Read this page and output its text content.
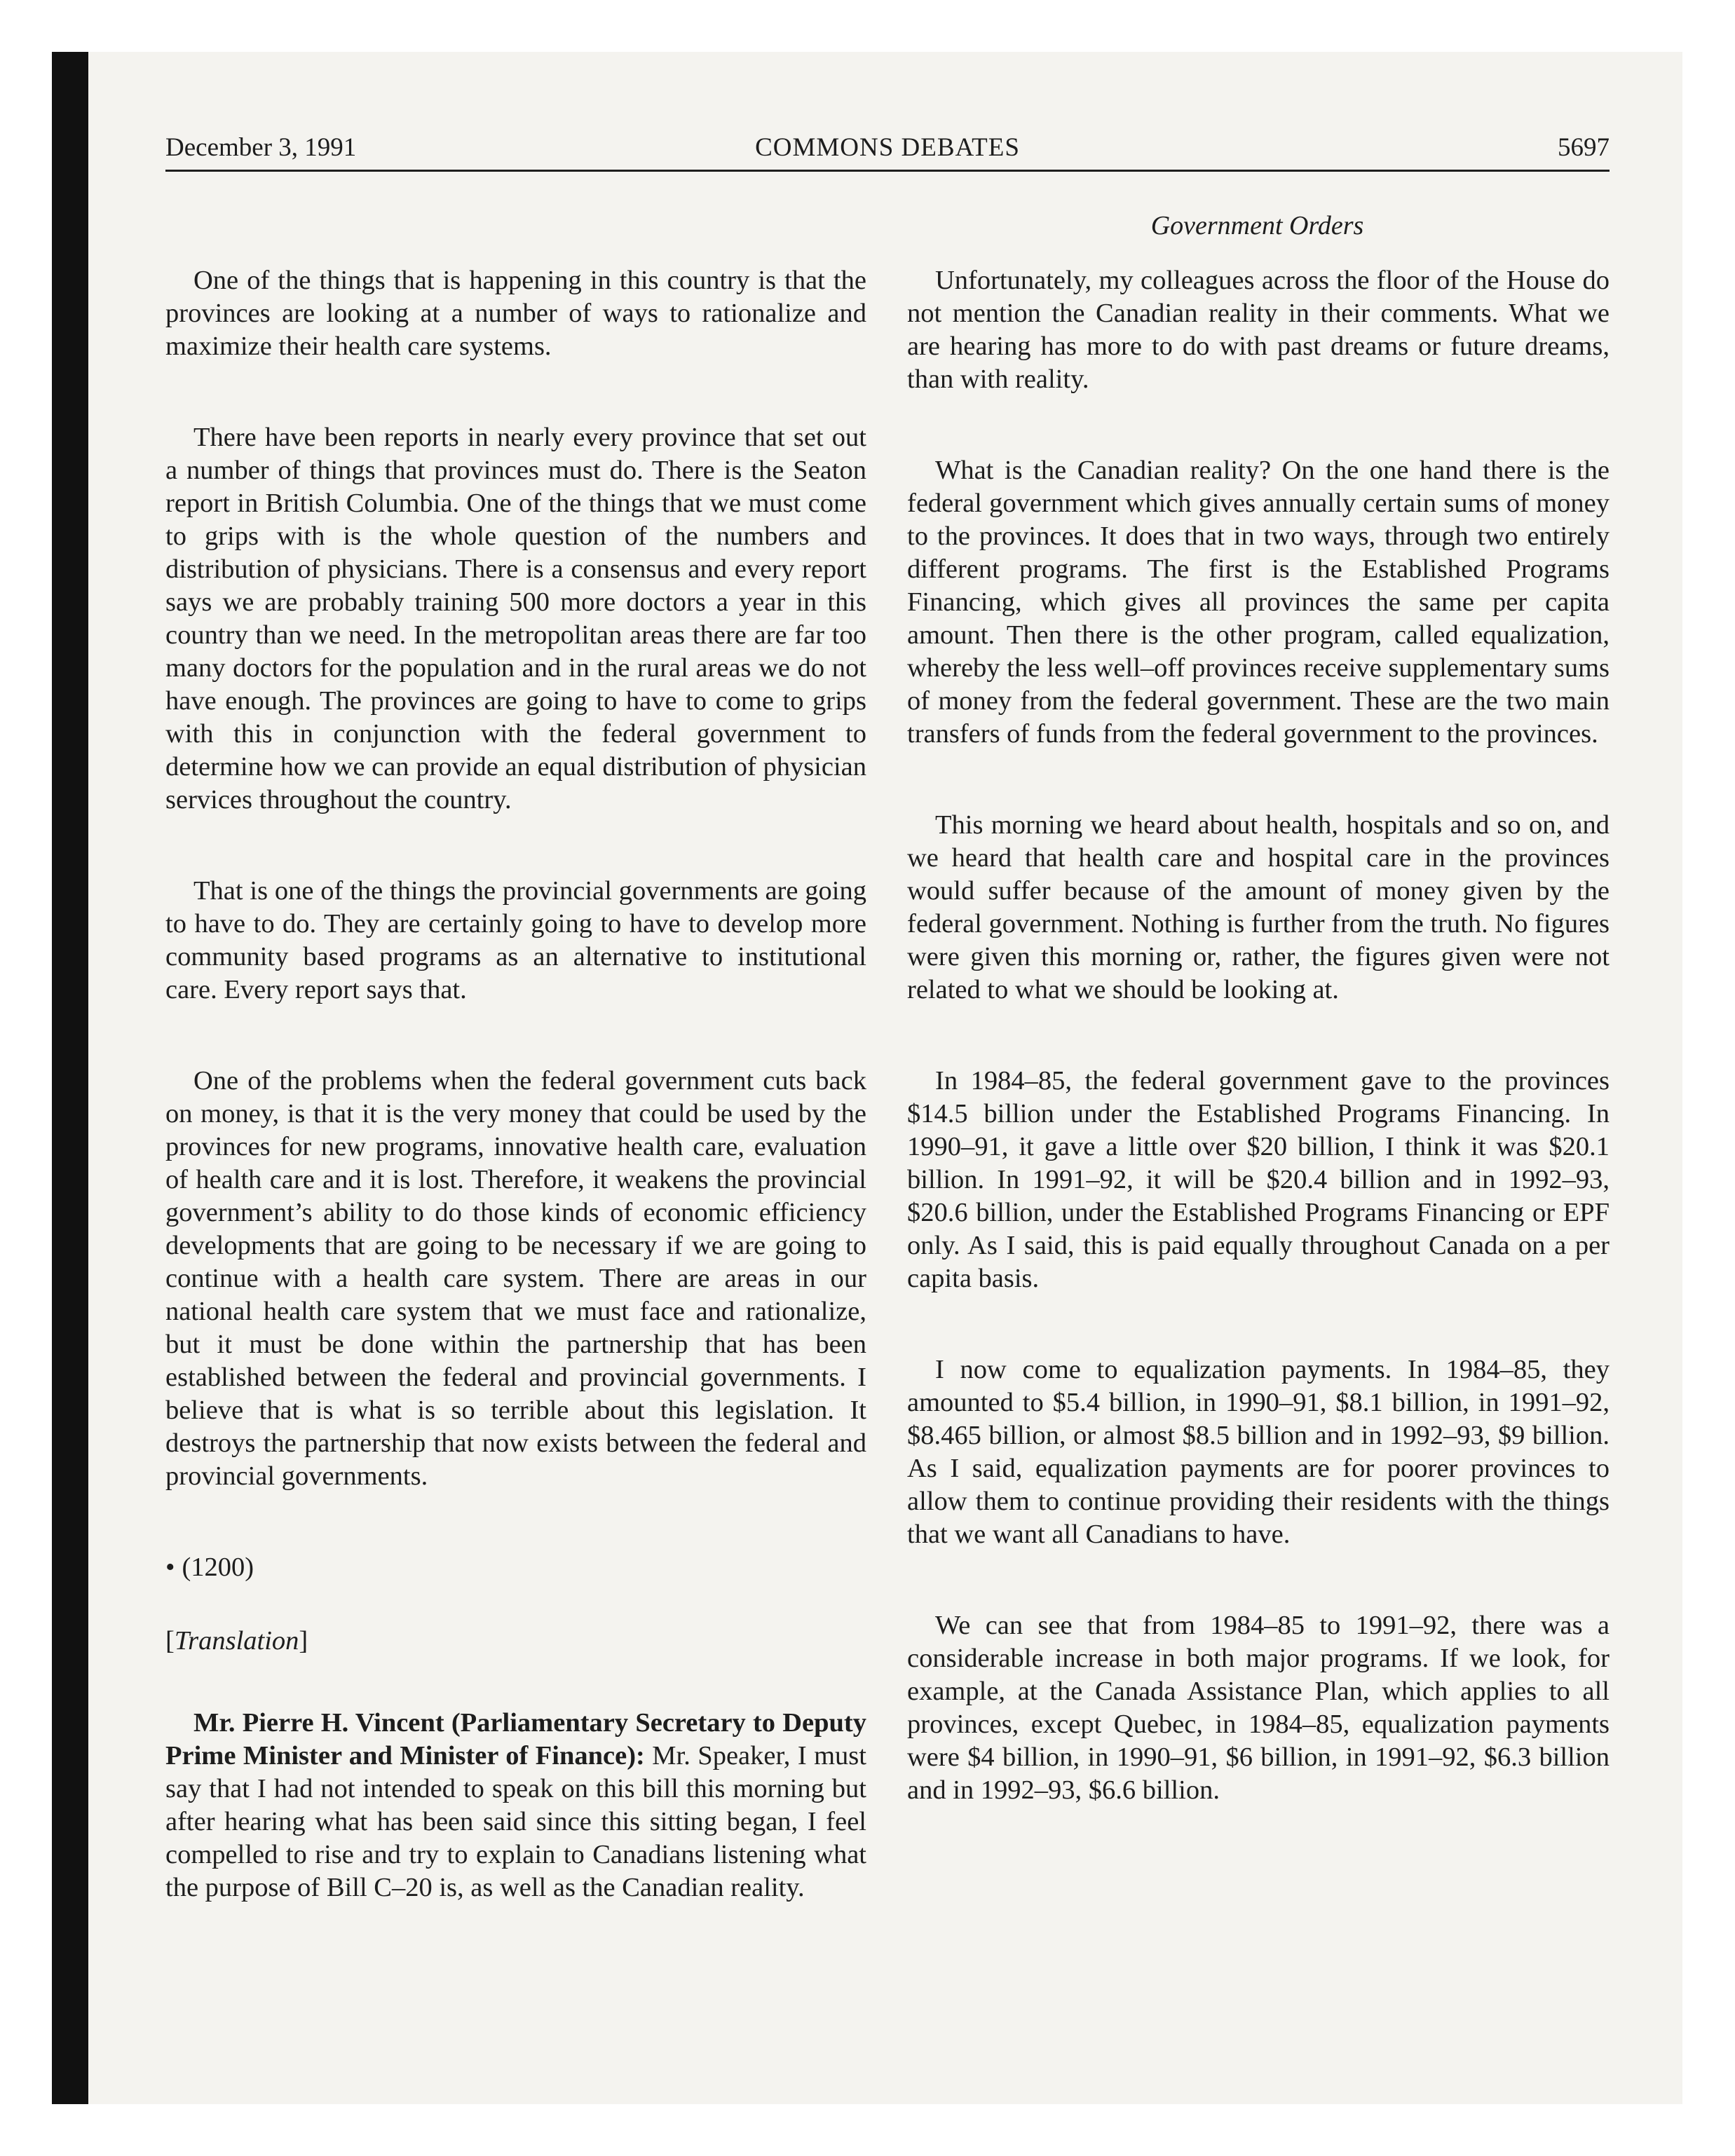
December 3, 1991	COMMONS DEBATES	5697
Government Orders

One of the things that is happening in this country is that the provinces are looking at a number of ways to rationalize and maximize their health care systems.

There have been reports in nearly every province that set out a number of things that provinces must do. There is the Seaton report in British Columbia. One of the things that we must come to grips with is the whole question of the numbers and distribution of physicians. There is a consensus and every report says we are probably training 500 more doctors a year in this country than we need. In the metropolitan areas there are far too many doctors for the population and in the rural areas we do not have enough. The provinces are going to have to come to grips with this in conjunction with the federal government to determine how we can provide an equal distribution of physician services throughout the country.

That is one of the things the provincial governments are going to have to do. They are certainly going to have to develop more community based programs as an alternative to institutional care. Every report says that.

One of the problems when the federal government cuts back on money, is that it is the very money that could be used by the provinces for new programs, innovative health care, evaluation of health care and it is lost. Therefore, it weakens the provincial government’s ability to do those kinds of economic efficiency developments that are going to be necessary if we are going to continue with a health care system. There are areas in our national health care system that we must face and rationalize, but it must be done within the partnership that has been established between the federal and provincial governments. I believe that is what is so terrible about this legislation. It destroys the partnership that now exists between the federal and provincial governments.

• (1200)

[Translation]

Mr. Pierre H. Vincent (Parliamentary Secretary to Deputy Prime Minister and Minister of Finance): Mr. Speaker, I must say that I had not intended to speak on this bill this morning but after hearing what has been said since this sitting began, I feel compelled to rise and try to explain to Canadians listening what the purpose of Bill C–20 is, as well as the Canadian reality.

Unfortunately, my colleagues across the floor of the House do not mention the Canadian reality in their comments. What we are hearing has more to do with past dreams or future dreams, than with reality.

What is the Canadian reality? On the one hand there is the federal government which gives annually certain sums of money to the provinces. It does that in two ways, through two entirely different programs. The first is the Established Programs Financing, which gives all provinces the same per capita amount. Then there is the other program, called equalization, whereby the less well–off provinces receive supplementary sums of money from the federal government. These are the two main transfers of funds from the federal government to the provinces.

This morning we heard about health, hospitals and so on, and we heard that health care and hospital care in the provinces would suffer because of the amount of money given by the federal government. Nothing is further from the truth. No figures were given this morning or, rather, the figures given were not related to what we should be looking at.

In 1984–85, the federal government gave to the provinces $14.5 billion under the Established Programs Financing. In 1990–91, it gave a little over $20 billion, I think it was $20.1 billion. In 1991–92, it will be $20.4 billion and in 1992–93, $20.6 billion, under the Established Programs Financing or EPF only. As I said, this is paid equally throughout Canada on a per capita basis.

I now come to equalization payments. In 1984–85, they amounted to $5.4 billion, in 1990–91, $8.1 billion, in 1991–92, $8.465 billion, or almost $8.5 billion and in 1992–93, $9 billion. As I said, equalization payments are for poorer provinces to allow them to continue providing their residents with the things that we want all Canadians to have.

We can see that from 1984–85 to 1991–92, there was a considerable increase in both major programs. If we look, for example, at the Canada Assistance Plan, which applies to all provinces, except Quebec, in 1984–85, equalization payments were $4 billion, in 1990–91, $6 billion, in 1991–92, $6.3 billion and in 1992–93, $6.6 billion.
